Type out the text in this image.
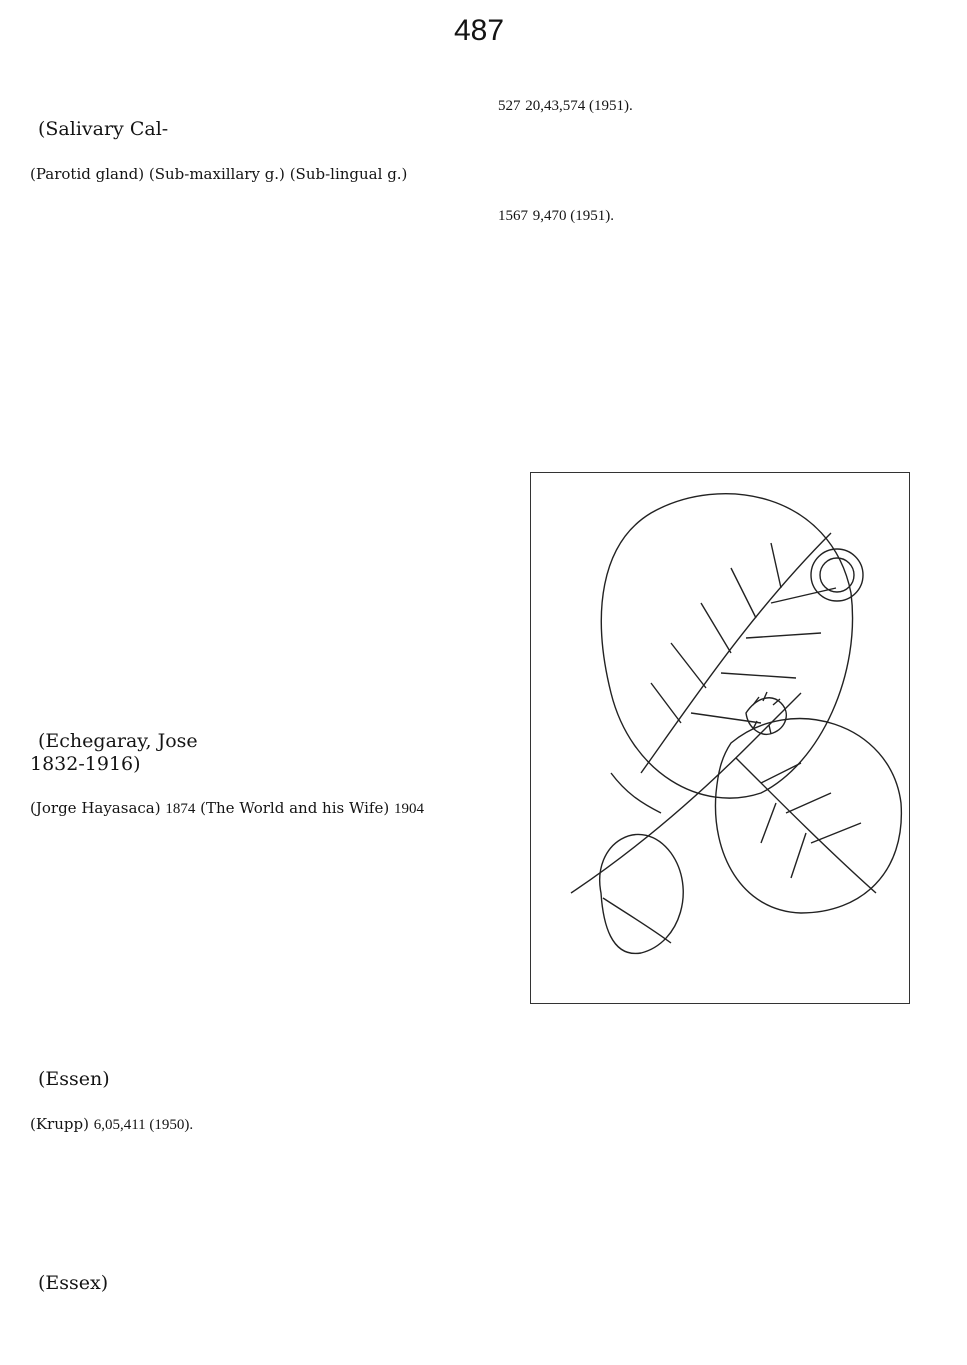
487
(Salivary Cal-
(Parotid gland) (Sub-maxillary g.) (Sub-lingual g.)
(Echegaray, Jose
1832-1916)
(Jorge Hayasaca) 1874 (The World and his Wife) 1904
(Essen)
(Krupp) 6,05,411 (1950).
(Essex)
527 20,43,574 (1951).
1567 9,470 (1951).
